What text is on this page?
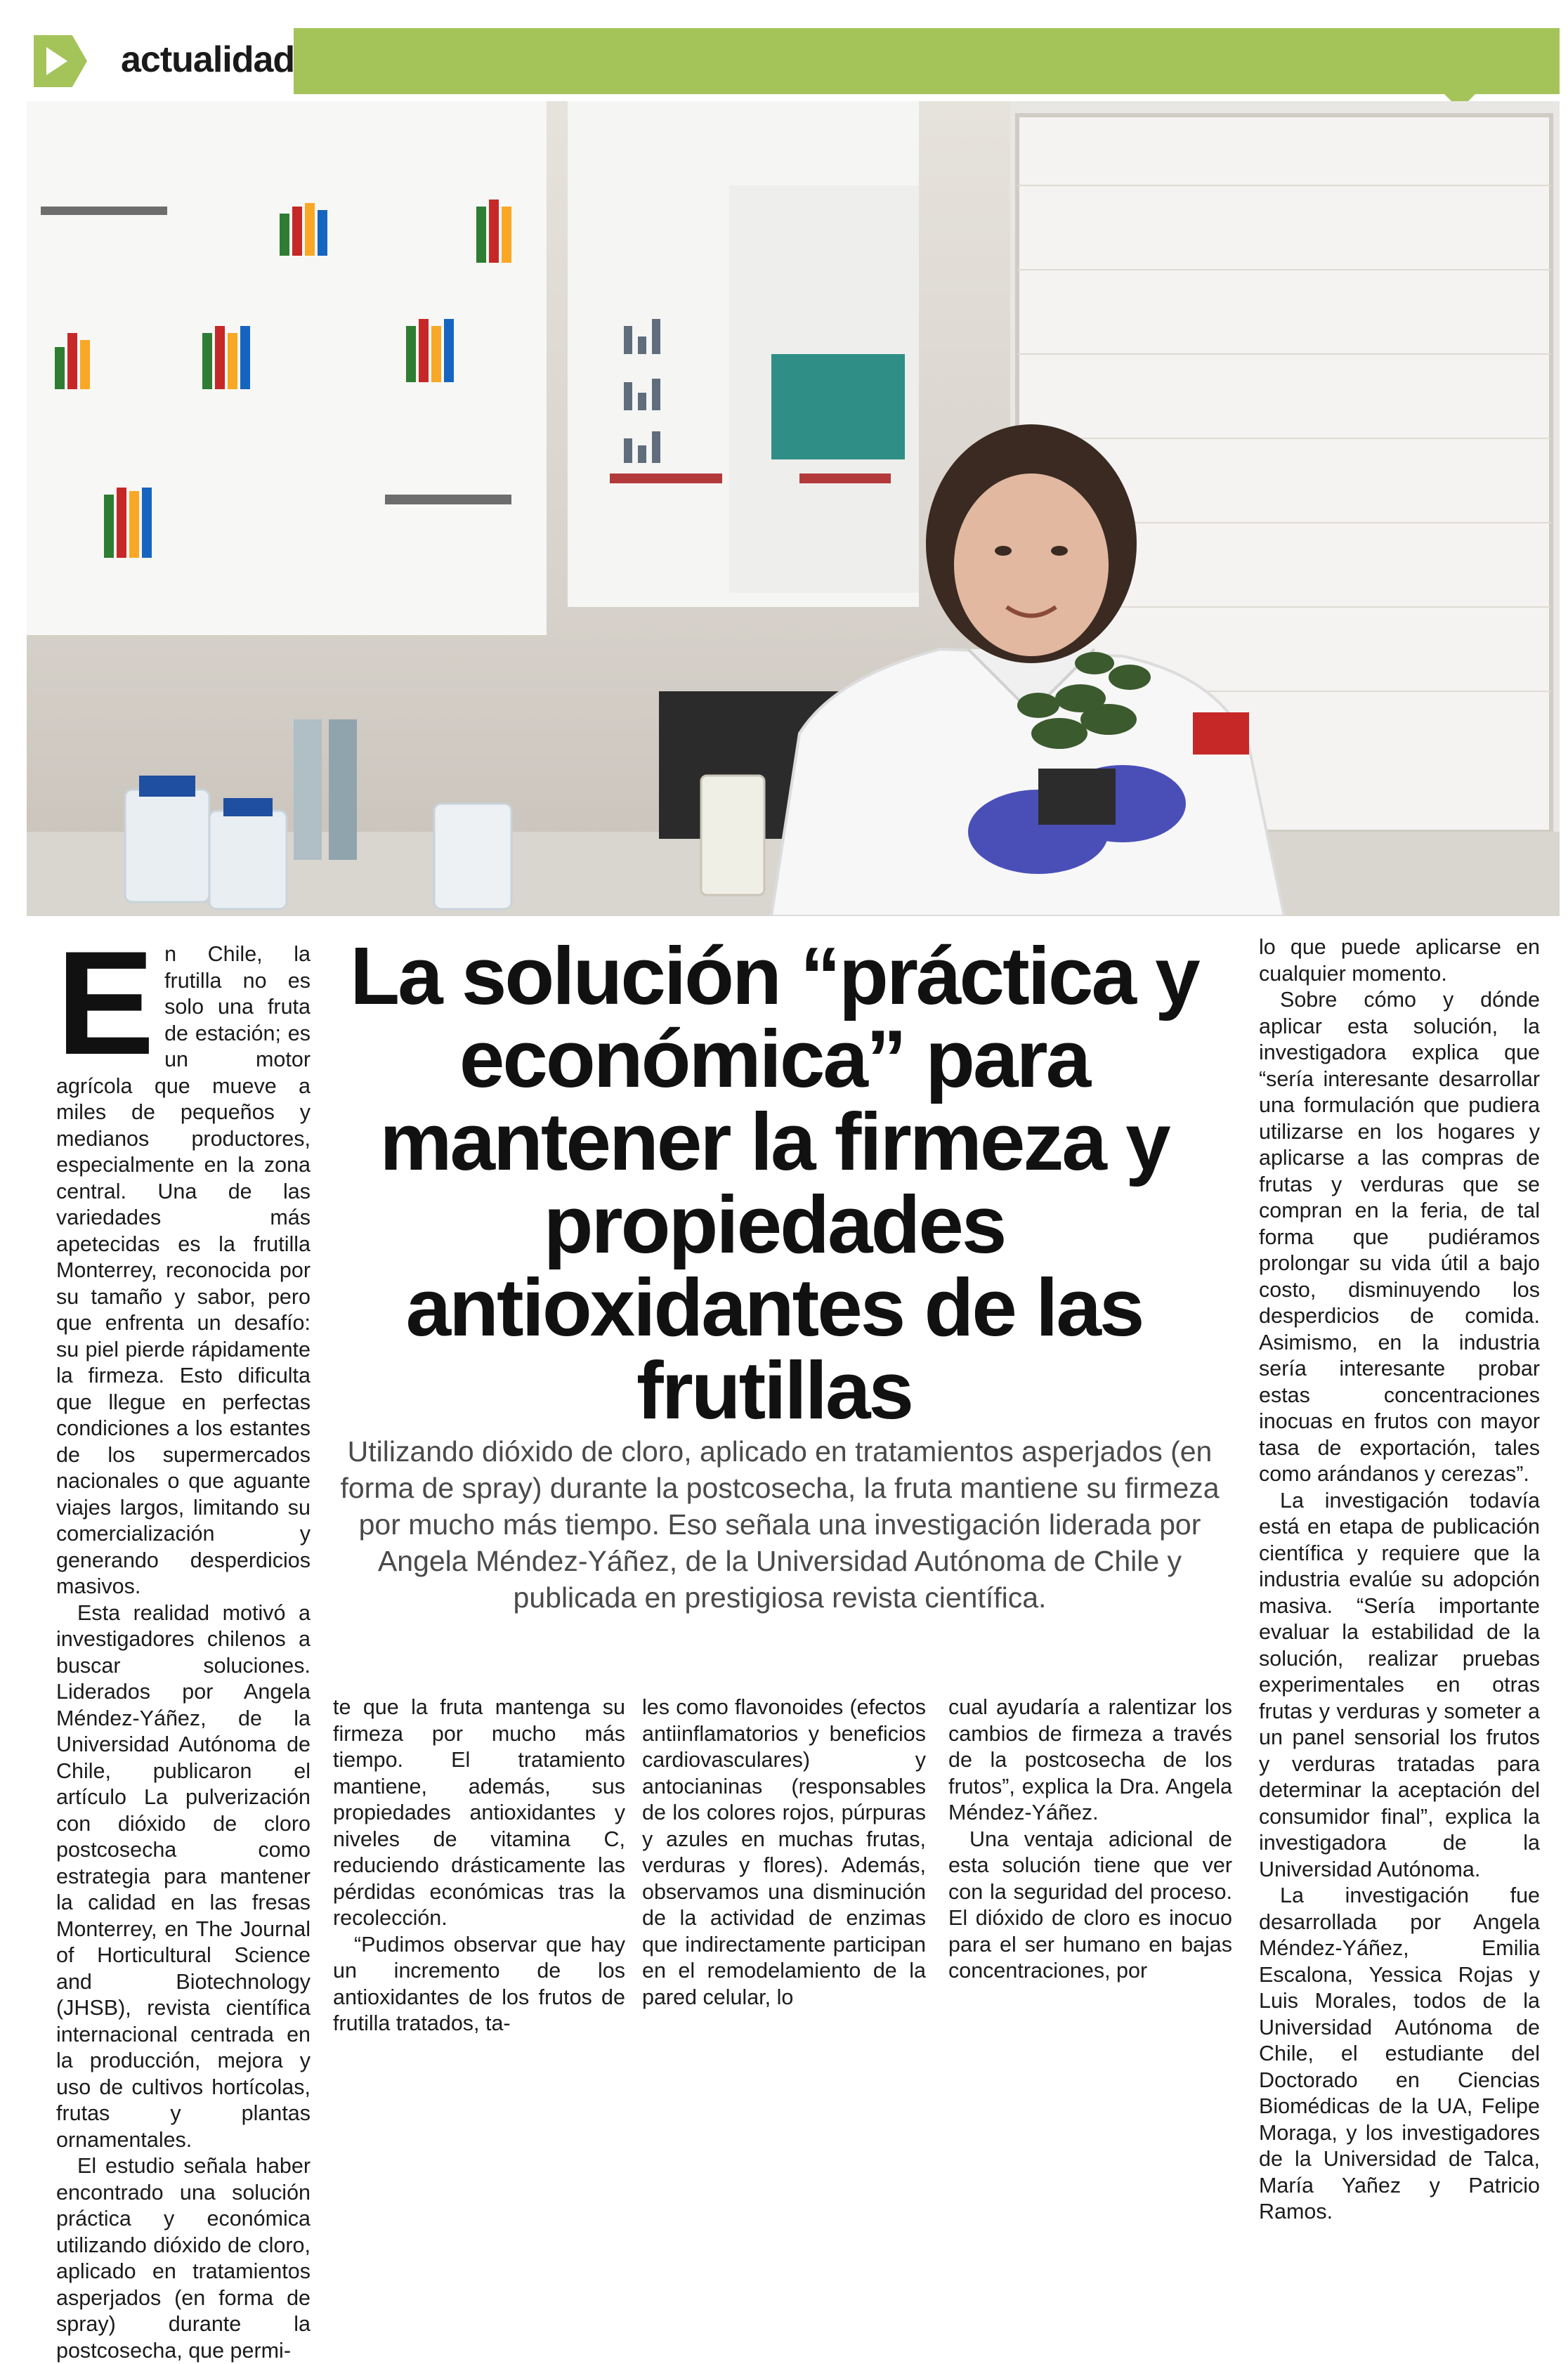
actualidad
E n Chile, la frutilla no es solo una fruta de estación; es un motor agrícola que mueve a miles de pequeños y medianos productores, especialmente en la zona central. Una de las variedades más apetecidas es la frutilla Monterrey, reconocida por su tamaño y sabor, pero que enfrenta un desafío: su piel pierde rápidamente la firmeza. Esto dificulta que llegue en perfectas condiciones a los estantes de los supermercados nacionales o que aguante viajes largos, limitando su comercialización y generando desperdicios masivos.

Esta realidad motivó a investigadores chilenos a buscar soluciones. Liderados por Angela Méndez-Yáñez, de la Universidad Autónoma de Chile, publicaron el artículo La pulverización con dióxido de cloro postcosecha como estrategia para mantener la calidad en las fresas Monterrey, en The Journal of Horticultural Science and Biotechnology (JHSB), revista científica internacional centrada en la producción, mejora y uso de cultivos hortícolas, frutas y plantas ornamentales.

El estudio señala haber encontrado una solución práctica y económica utilizando dióxido de cloro, aplicado en tratamientos asperjados (en forma de spray) durante la postcosecha, que permi-

La solución “práctica y económica” para mantener la firmeza y propiedades antioxidantes de las frutillas

Utilizando dióxido de cloro, aplicado en tratamientos asperjados (en forma de spray) durante la postcosecha, la fruta mantiene su firmeza por mucho más tiempo. Eso señala una investigación liderada por Angela Méndez-Yáñez, de la Universidad Autónoma de Chile y publicada en prestigiosa revista científica.

te que la fruta mantenga su firmeza por mucho más tiempo. El tratamiento mantiene, además, sus propiedades antioxidantes y niveles de vitamina C, reduciendo drásticamente las pérdidas económicas tras la recolección.

“Pudimos observar que hay un incremento de los antioxidantes de los frutos de frutilla tratados, ta-

les como flavonoides (efectos antiinflamatorios y beneficios cardiovasculares) y antocianinas (responsables de los colores rojos, púrpuras y azules en muchas frutas, verduras y flores). Además, observamos una disminución de la actividad de enzimas que indirectamente participan en el remodelamiento de la pared celular, lo

cual ayudaría a ralentizar los cambios de firmeza a través de la postcosecha de los frutos”, explica la Dra. Angela Méndez-Yáñez.

Una ventaja adicional de esta solución tiene que ver con la seguridad del proceso. El dióxido de cloro es inocuo para el ser humano en bajas concentraciones, por

lo que puede aplicarse en cualquier momento.

Sobre cómo y dónde aplicar esta solución, la investigadora explica que “sería interesante desarrollar una formulación que pudiera utilizarse en los hogares y aplicarse a las compras de frutas y verduras que se compran en la feria, de tal forma que pudiéramos prolongar su vida útil a bajo costo, disminuyendo los desperdicios de comida. Asimismo, en la industria sería interesante probar estas concentraciones inocuas en frutos con mayor tasa de exportación, tales como arándanos y cerezas”.

La investigación todavía está en etapa de publicación científica y requiere que la industria evalúe su adopción masiva. “Sería importante evaluar la estabilidad de la solución, realizar pruebas experimentales en otras frutas y verduras y someter a un panel sensorial los frutos y verduras tratadas para determinar la aceptación del consumidor final”, explica la investigadora de la Universidad Autónoma.

La investigación fue desarrollada por Angela Méndez-Yáñez, Emilia Escalona, Yessica Rojas y Luis Morales, todos de la Universidad Autónoma de Chile, el estudiante del Doctorado en Ciencias Biomédicas de la UA, Felipe Moraga, y los investigadores de la Universidad de Talca, María Yañez y Patricio Ramos.
